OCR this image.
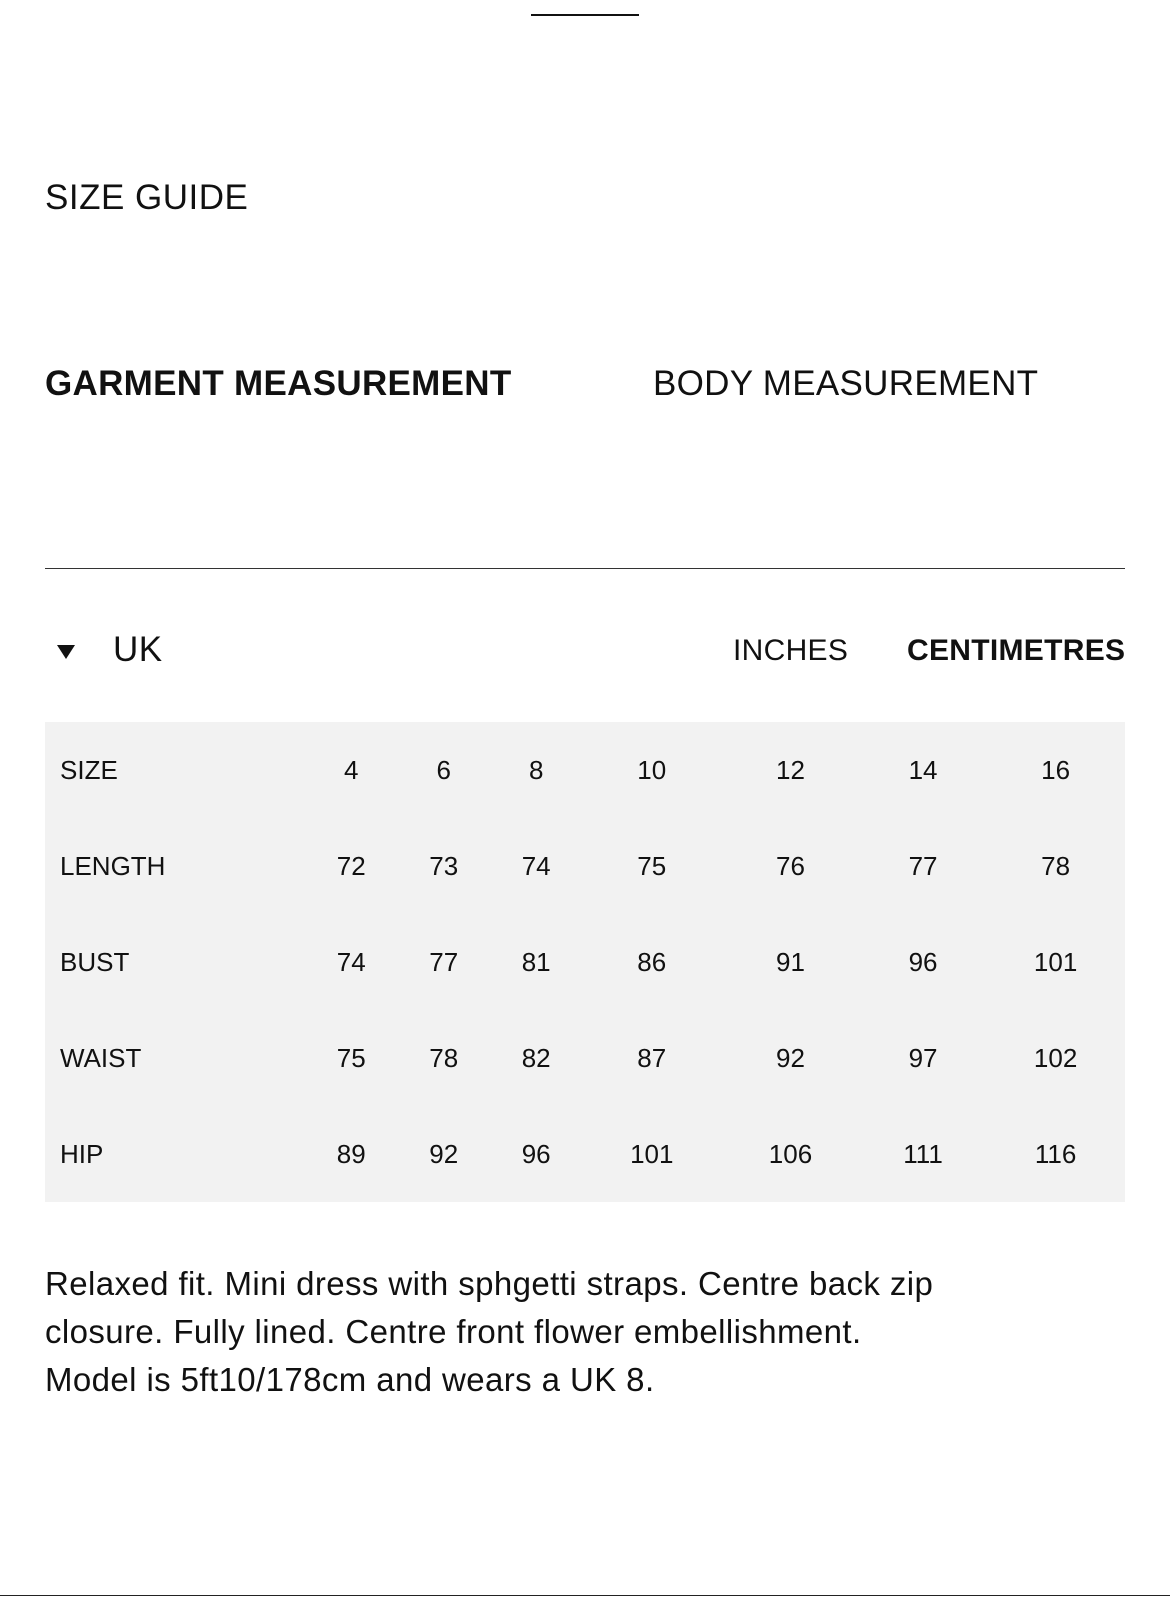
SIZE GUIDE
GARMENT MEASUREMENT	BODY MEASUREMENT
UK	INCHES CENTIMETRES
SIZE	4	6	8	10	12	14	16
LENGTH	72	73	74	75	76	77	78
BUST	74	77	81	86	91	96	101
WAIST	75	78	82	87	92	97	102
HIP	89	92	96	101	106	111	116

Relaxed fit. Mini dress with sphgetti straps. Centre back zip closure. Fully lined. Centre front flower embellishment. Model is 5ft10/178cm and wears a UK 8.
